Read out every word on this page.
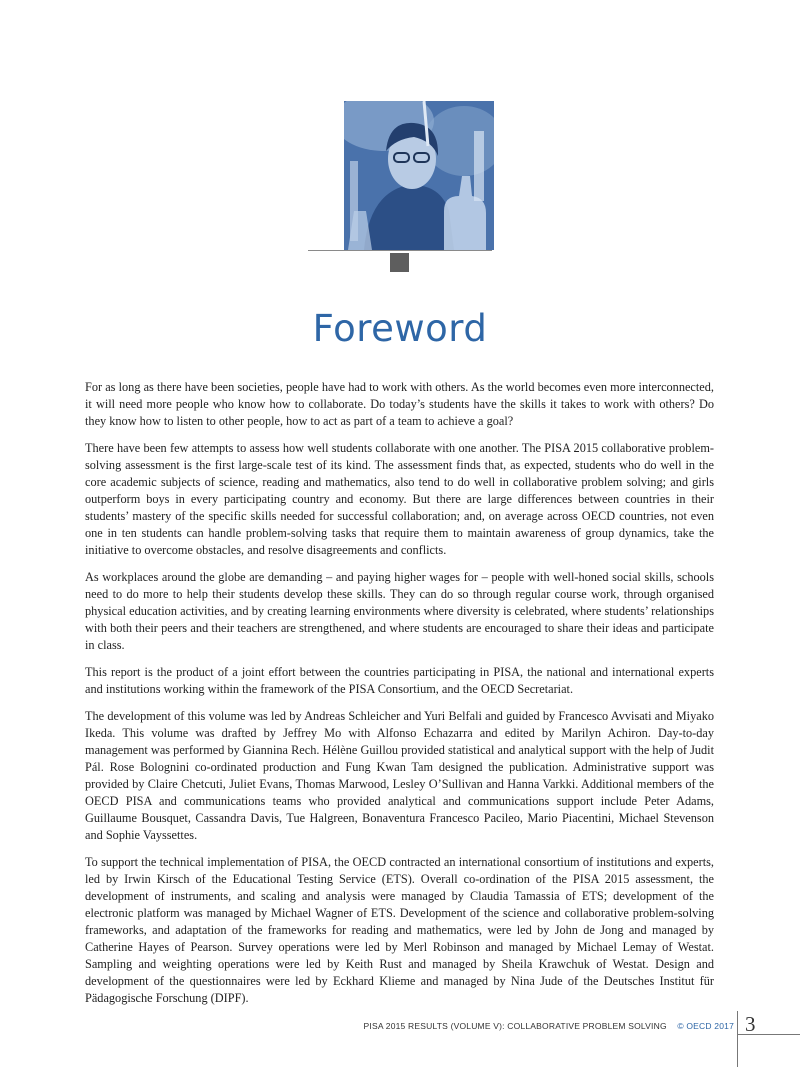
Foreword

For as long as there have been societies, people have had to work with others. As the world becomes even more interconnected, it will need more people who know how to collaborate. Do today’s students have the skills it takes to work with others? Do they know how to listen to other people, how to act as part of a team to achieve a goal?

There have been few attempts to assess how well students collaborate with one another. The PISA 2015 collaborative problem-solving assessment is the first large-scale test of its kind. The assessment finds that, as expected, students who do well in the core academic subjects of science, reading and mathematics, also tend to do well in collaborative problem solving; and girls outperform boys in every participating country and economy. But there are large differences between countries in their students’ mastery of the specific skills needed for successful collaboration; and, on average across OECD countries, not even one in ten students can handle problem-solving tasks that require them to maintain awareness of group dynamics, take the initiative to overcome obstacles, and resolve disagreements and conflicts.

As workplaces around the globe are demanding – and paying higher wages for – people with well-honed social skills, schools need to do more to help their students develop these skills. They can do so through regular course work, through organised physical education activities, and by creating learning environments where diversity is celebrated, where students’ relationships with both their peers and their teachers are strengthened, and where students are encouraged to share their ideas and participate in class.

This report is the product of a joint effort between the countries participating in PISA, the national and international experts and institutions working within the framework of the PISA Consortium, and the OECD Secretariat.

The development of this volume was led by Andreas Schleicher and Yuri Belfali and guided by Francesco Avvisati and Miyako Ikeda. This volume was drafted by Jeffrey Mo with Alfonso Echazarra and edited by Marilyn Achiron. Day-to-day management was performed by Giannina Rech. Hélène Guillou provided statistical and analytical support with the help of Judit Pál. Rose Bolognini co-ordinated production and Fung Kwan Tam designed the publication. Administrative support was provided by Claire Chetcuti, Juliet Evans, Thomas Marwood, Lesley O’Sullivan and Hanna Varkki. Additional members of the OECD PISA and communications teams who provided analytical and communications support include Peter Adams, Guillaume Bousquet, Cassandra Davis, Tue Halgreen, Bonaventura Francesco Pacileo, Mario Piacentini, Michael Stevenson and Sophie Vayssettes.

To support the technical implementation of PISA, the OECD contracted an international consortium of institutions and experts, led by Irwin Kirsch of the Educational Testing Service (ETS). Overall co-ordination of the PISA 2015 assessment, the development of instruments, and scaling and analysis were managed by Claudia Tamassia of ETS; development of the electronic platform was managed by Michael Wagner of ETS. Development of the science and collaborative problem-solving frameworks, and adaptation of the frameworks for reading and mathematics, were led by John de Jong and managed by Catherine Hayes of Pearson. Survey operations were led by Merl Robinson and managed by Michael Lemay of Westat. Sampling and weighting operations were led by Keith Rust and managed by Sheila Krawchuk of Westat. Design and development of the questionnaires were led by Eckhard Klieme and managed by Nina Jude of the Deutsches Institut für Pädagogische Forschung (DIPF).

PISA 2015 RESULTS (VOLUME V): COLLABORATIVE PROBLEM SOLVING © OECD 2017 3
